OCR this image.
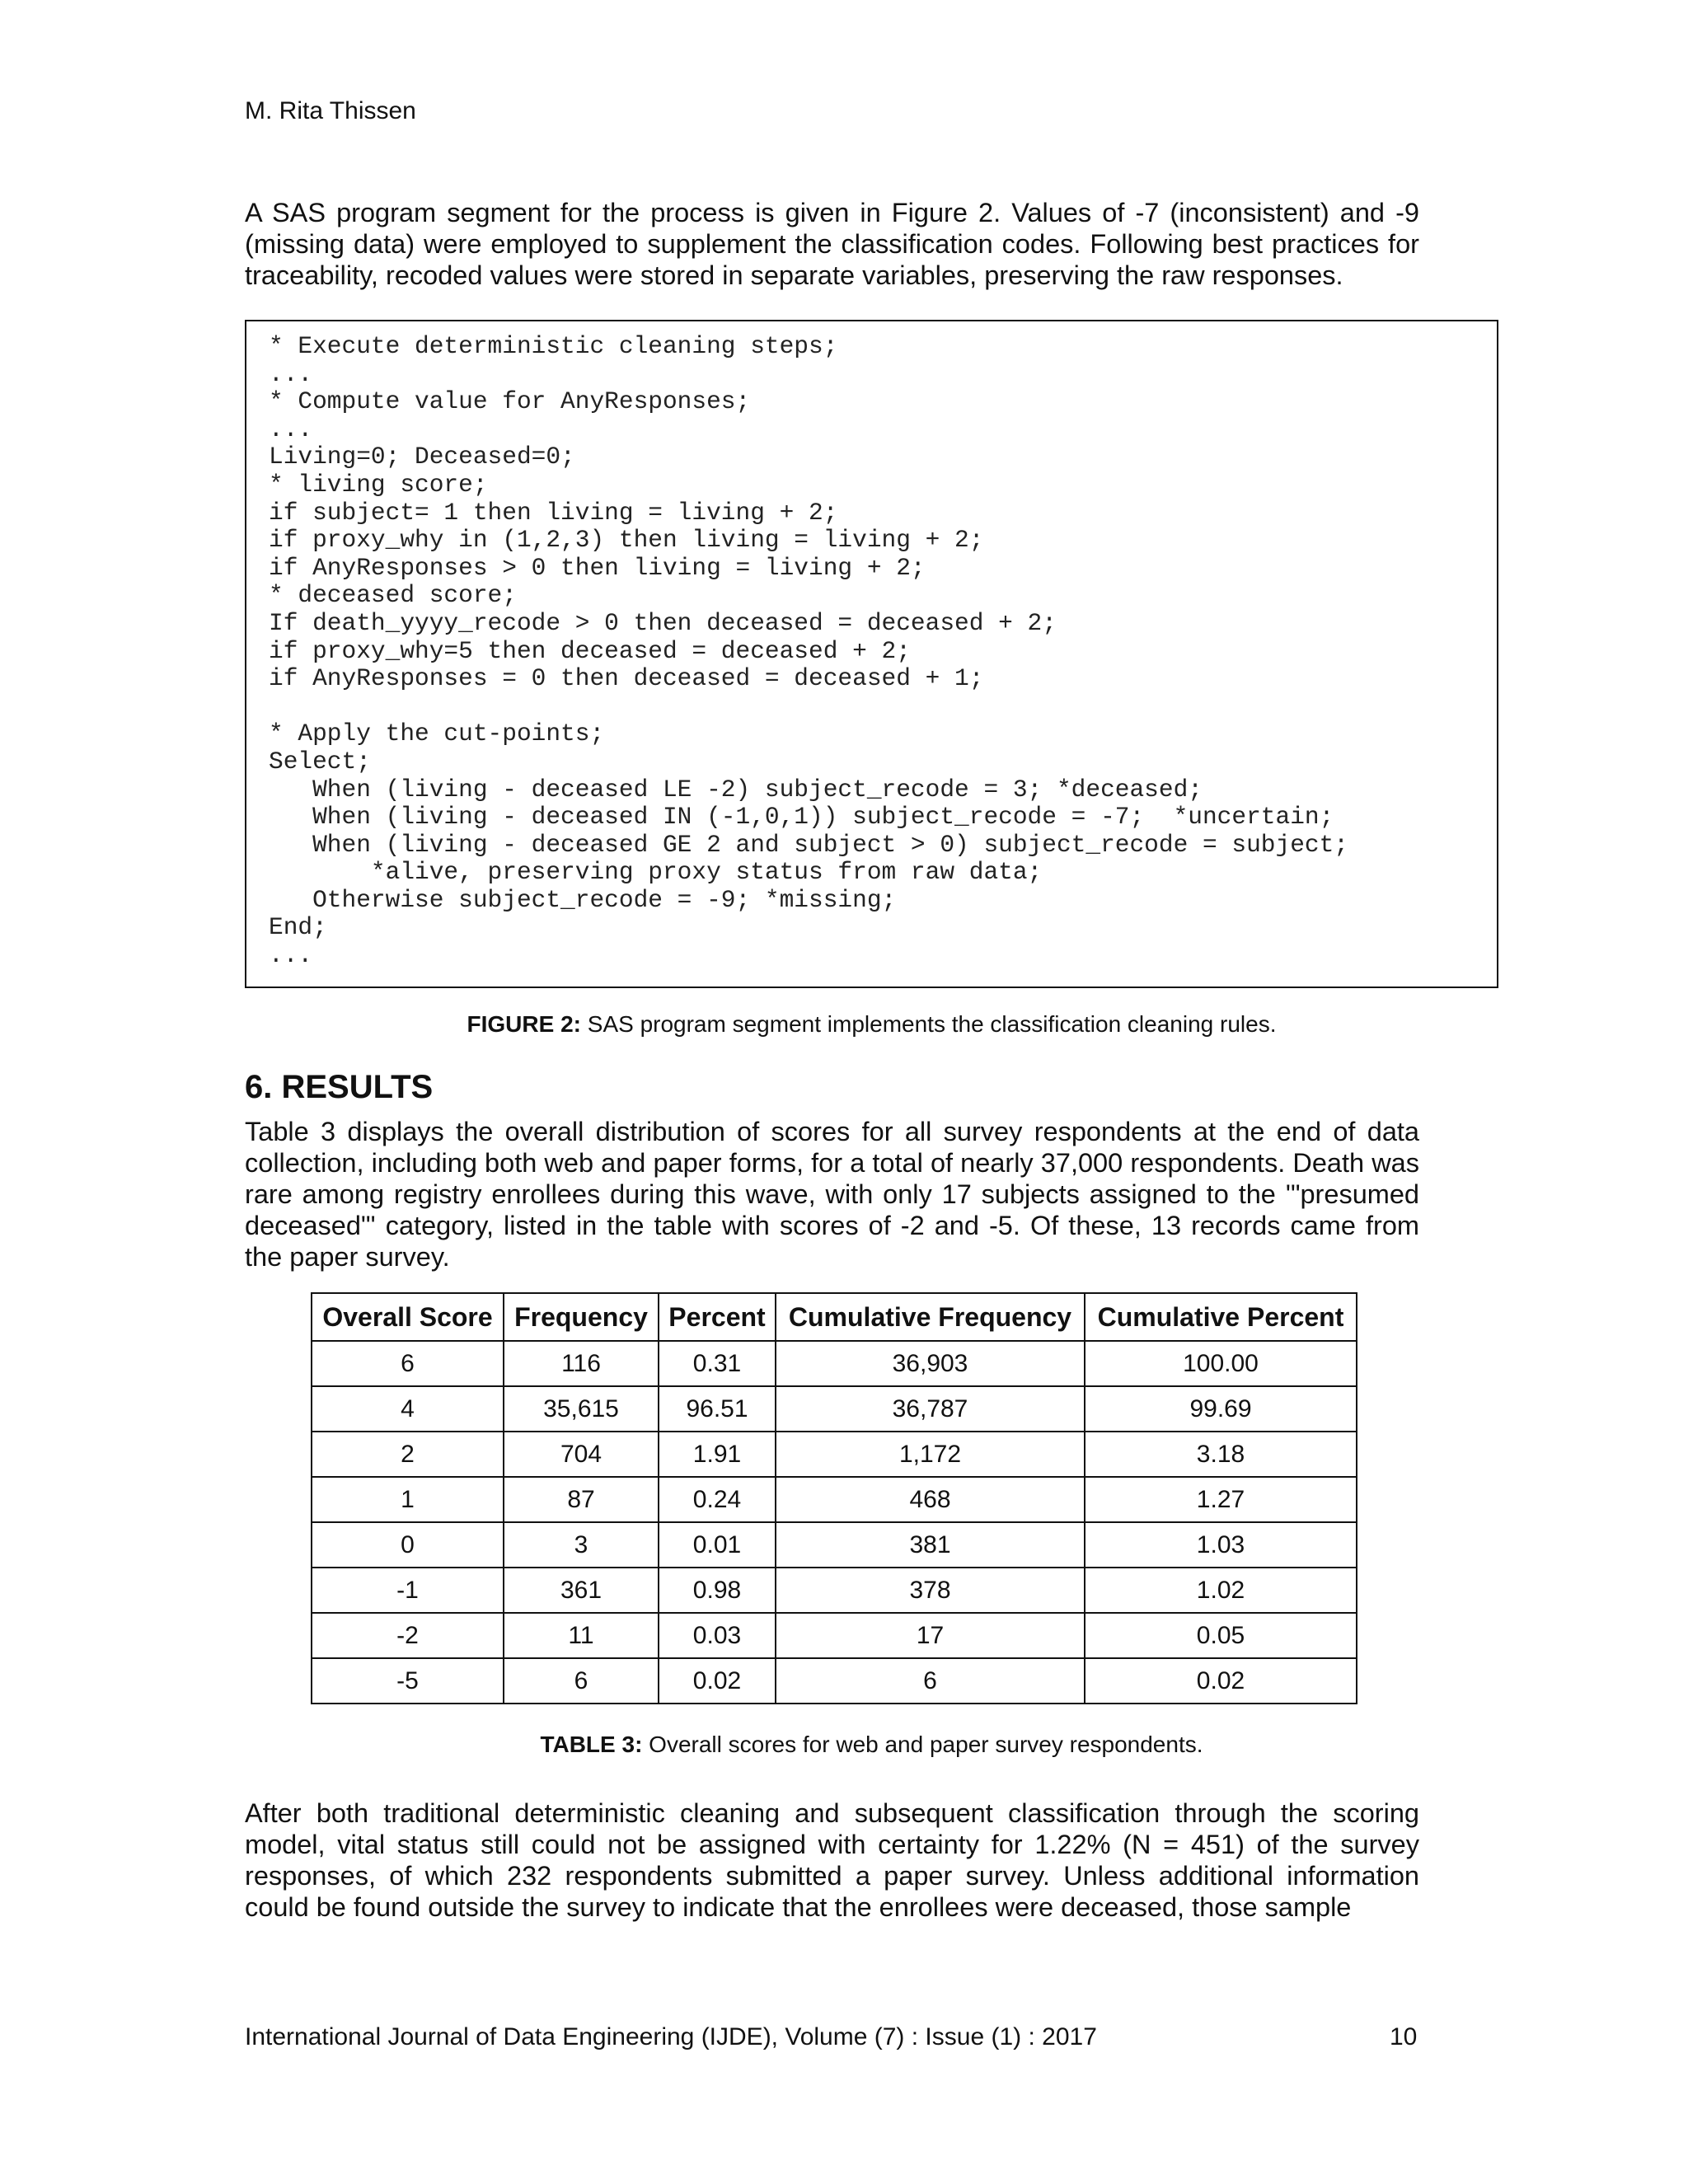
M. Rita Thissen

A SAS program segment for the process is given in Figure 2. Values of -7 (inconsistent) and -9 (missing data) were employed to supplement the classification codes. Following best practices for traceability, recoded values were stored in separate variables, preserving the raw responses.

* Execute deterministic cleaning steps;
...
* Compute value for AnyResponses;
...
Living=0; Deceased=0;
* living score;
if subject= 1 then living = living + 2;
if proxy_why in (1,2,3) then living = living + 2;
if AnyResponses > 0 then living = living + 2;
* deceased score;
If death_yyyy_recode > 0 then deceased = deceased + 2;
if proxy_why=5 then deceased = deceased + 2;
if AnyResponses = 0 then deceased = deceased + 1;

* Apply the cut-points;
Select;
When (living - deceased LE -2) subject_recode = 3; *deceased;
When (living - deceased IN (-1,0,1)) subject_recode = -7;  *uncertain;
When (living - deceased GE 2 and subject > 0) subject_recode = subject;
*alive, preserving proxy status from raw data;
Otherwise subject_recode = -9; *missing;
End;
...

FIGURE 2: SAS program segment implements the classification cleaning rules.

6. RESULTS

Table 3 displays the overall distribution of scores for all survey respondents at the end of data collection, including both web and paper forms, for a total of nearly 37,000 respondents. Death was rare among registry enrollees during this wave, with only 17 subjects assigned to the '"presumed deceased"' category, listed in the table with scores of -2 and -5. Of these, 13 records came from the paper survey.

Overall Score	Frequency	Percent	Cumulative Frequency	Cumulative Percent
6	116	0.31	36,903	100.00
4	35,615	96.51	36,787	99.69
2	704	1.91	1,172	3.18
1	87	0.24	468	1.27
0	3	0.01	381	1.03
-1	361	0.98	378	1.02
-2	11	0.03	17	0.05
-5	6	0.02	6	0.02

TABLE 3: Overall scores for web and paper survey respondents.

After both traditional deterministic cleaning and subsequent classification through the scoring model, vital status still could not be assigned with certainty for 1.22% (N = 451) of the survey responses, of which 232 respondents submitted a paper survey. Unless additional information could be found outside the survey to indicate that the enrollees were deceased, those sample

International Journal of Data Engineering (IJDE), Volume (7) : Issue (1) : 2017	10
